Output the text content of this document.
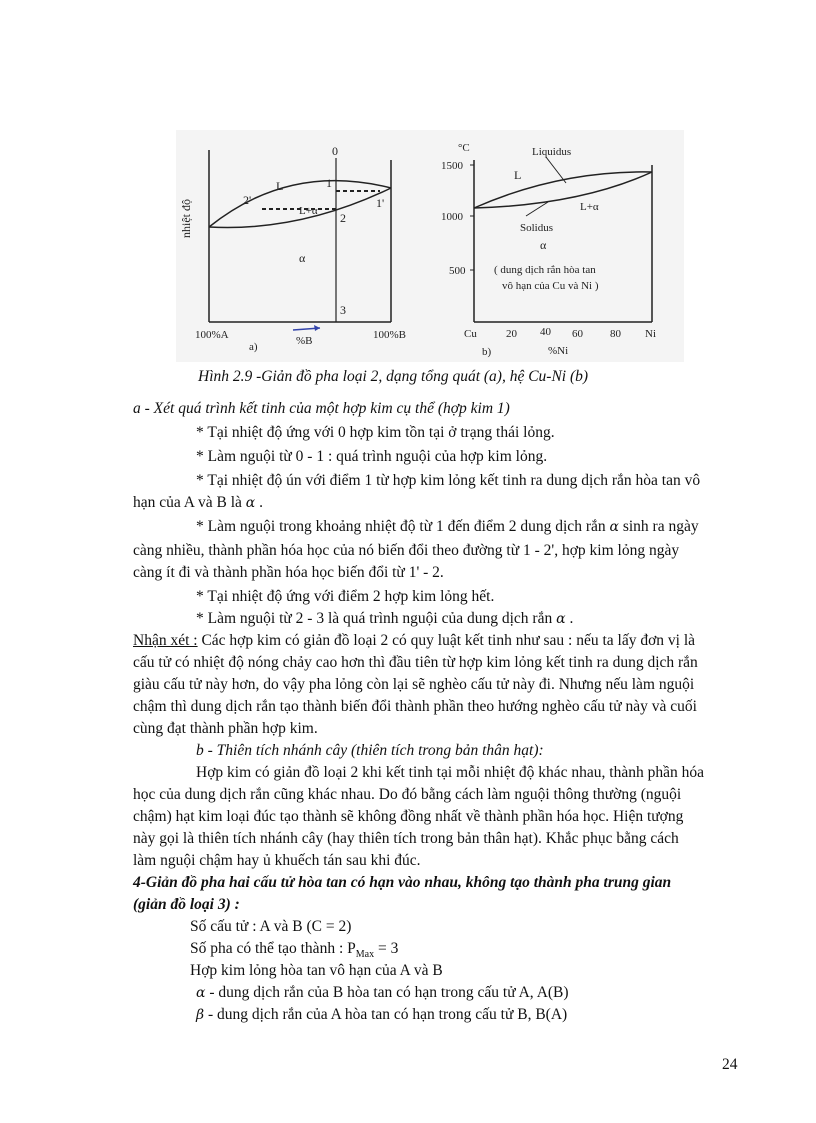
nhiệt độ
0
1
1'
2
2'
3
L
L+α
α
100%A	100%B
%B
a)
°C
1500
1000
500
Liquidus
Solidus
L
L+α
α
( dung dịch rắn hòa tan
vô hạn của Cu và Ni )
Cu	20 40 60 80 Ni
%Ni
b)
Hình 2.9 -Giản đồ pha loại 2, dạng tổng quát (a), hệ Cu-Ni (b)
a - Xét quá trình kết tinh của một hợp kim cụ thể (hợp kim 1)
* Tại nhiệt độ ứng với 0 hợp kim tồn tại ở trạng thái lỏng.
* Làm nguội từ 0 - 1 : quá trình nguội của hợp kim lỏng.
* Tại nhiệt độ ún với điểm 1 từ hợp kim lỏng kết tinh ra dung dịch rắn hòa tan vô
hạn của A và B là α .
* Làm nguội trong khoảng nhiệt độ từ 1 đến điểm 2 dung dịch rắn α sinh ra ngày
càng nhiều, thành phần hóa học của nó biến đổi theo đường từ 1 - 2', hợp kim lỏng ngày
càng ít đi và thành phần hóa học biến đổi từ 1' - 2.
* Tại nhiệt độ ứng với điểm 2 hợp kim lỏng hết.
* Làm nguội từ 2 - 3 là quá trình nguội của dung dịch rắn α .
Nhận xét : Các hợp kim có giản đồ loại 2 có quy luật kết tinh như sau : nếu ta lấy đơn vị là
cấu tử có nhiệt độ nóng chảy cao hơn thì đầu tiên từ hợp kim lỏng kết tinh ra dung dịch rắn
giàu cấu tử này hơn, do vậy pha lỏng còn lại sẽ nghèo cấu tử này đi. Nhưng nếu làm nguội
chậm thì dung dịch rắn tạo thành biến đổi thành phần theo hướng nghèo cấu tử này và cuối
cùng đạt thành phần hợp kim.
b - Thiên tích nhánh cây (thiên tích trong bản thân hạt):
Hợp kim có giản đồ loại 2 khi kết tinh tại mỗi nhiệt độ khác nhau, thành phần hóa
học của dung dịch rắn cũng khác nhau. Do đó bằng cách làm nguội thông thường (nguội
chậm) hạt kim loại đúc tạo thành sẽ không đồng nhất về thành phần hóa học. Hiện tượng
này gọi là thiên tích nhánh cây (hay thiên tích trong bản thân hạt). Khắc phục bằng cách
làm nguội chậm hay ủ khuếch tán sau khi đúc.
4-Giản đồ pha hai cấu tử hòa tan có hạn vào nhau, không tạo thành pha trung gian
(giản đồ loại 3) :
Số cấu tử : A và B (C = 2)
Số pha có thể tạo thành : $P_{Max} = 3$
Hợp kim lỏng hòa tan vô hạn của A và B
α - dung dịch rắn của B hòa tan có hạn trong cấu tử A, A(B)
β - dung dịch rắn của A hòa tan có hạn trong cấu tử B, B(A)
24
